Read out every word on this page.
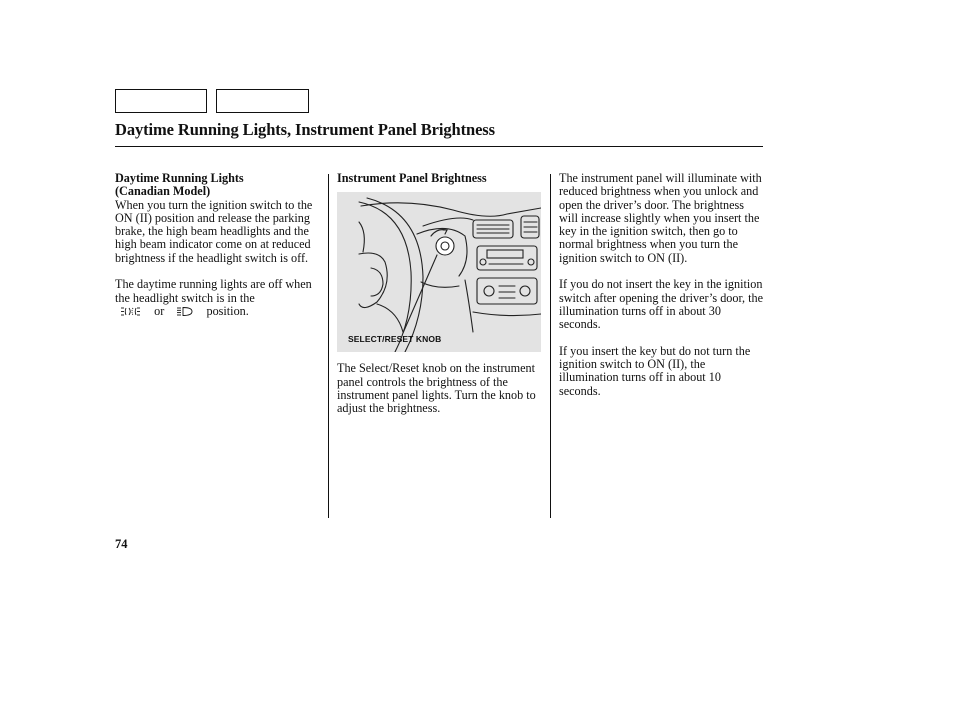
Daytime Running Lights, Instrument Panel Brightness
Daytime Running Lights
(Canadian Model)

When you turn the ignition switch to the ON (II) position and release the parking brake, the high beam headlights and the high beam indicator come on at reduced brightness if the headlight switch is off.

The daytime running lights are off when the headlight switch is in the
or	position.

Instrument Panel Brightness
SELECT/RESET KNOB

The Select/Reset knob on the instrument panel controls the brightness of the instrument panel lights. Turn the knob to adjust the brightness.

The instrument panel will illuminate with reduced brightness when you unlock and open the driver’s door. The brightness will increase slightly when you insert the key in the ignition switch, then go to normal brightness when you turn the ignition switch to ON (II).

If you do not insert the key in the ignition switch after opening the driver’s door, the illumination turns off in about 30 seconds.

If you insert the key but do not turn the ignition switch to ON (II), the illumination turns off in about 10 seconds.

74
